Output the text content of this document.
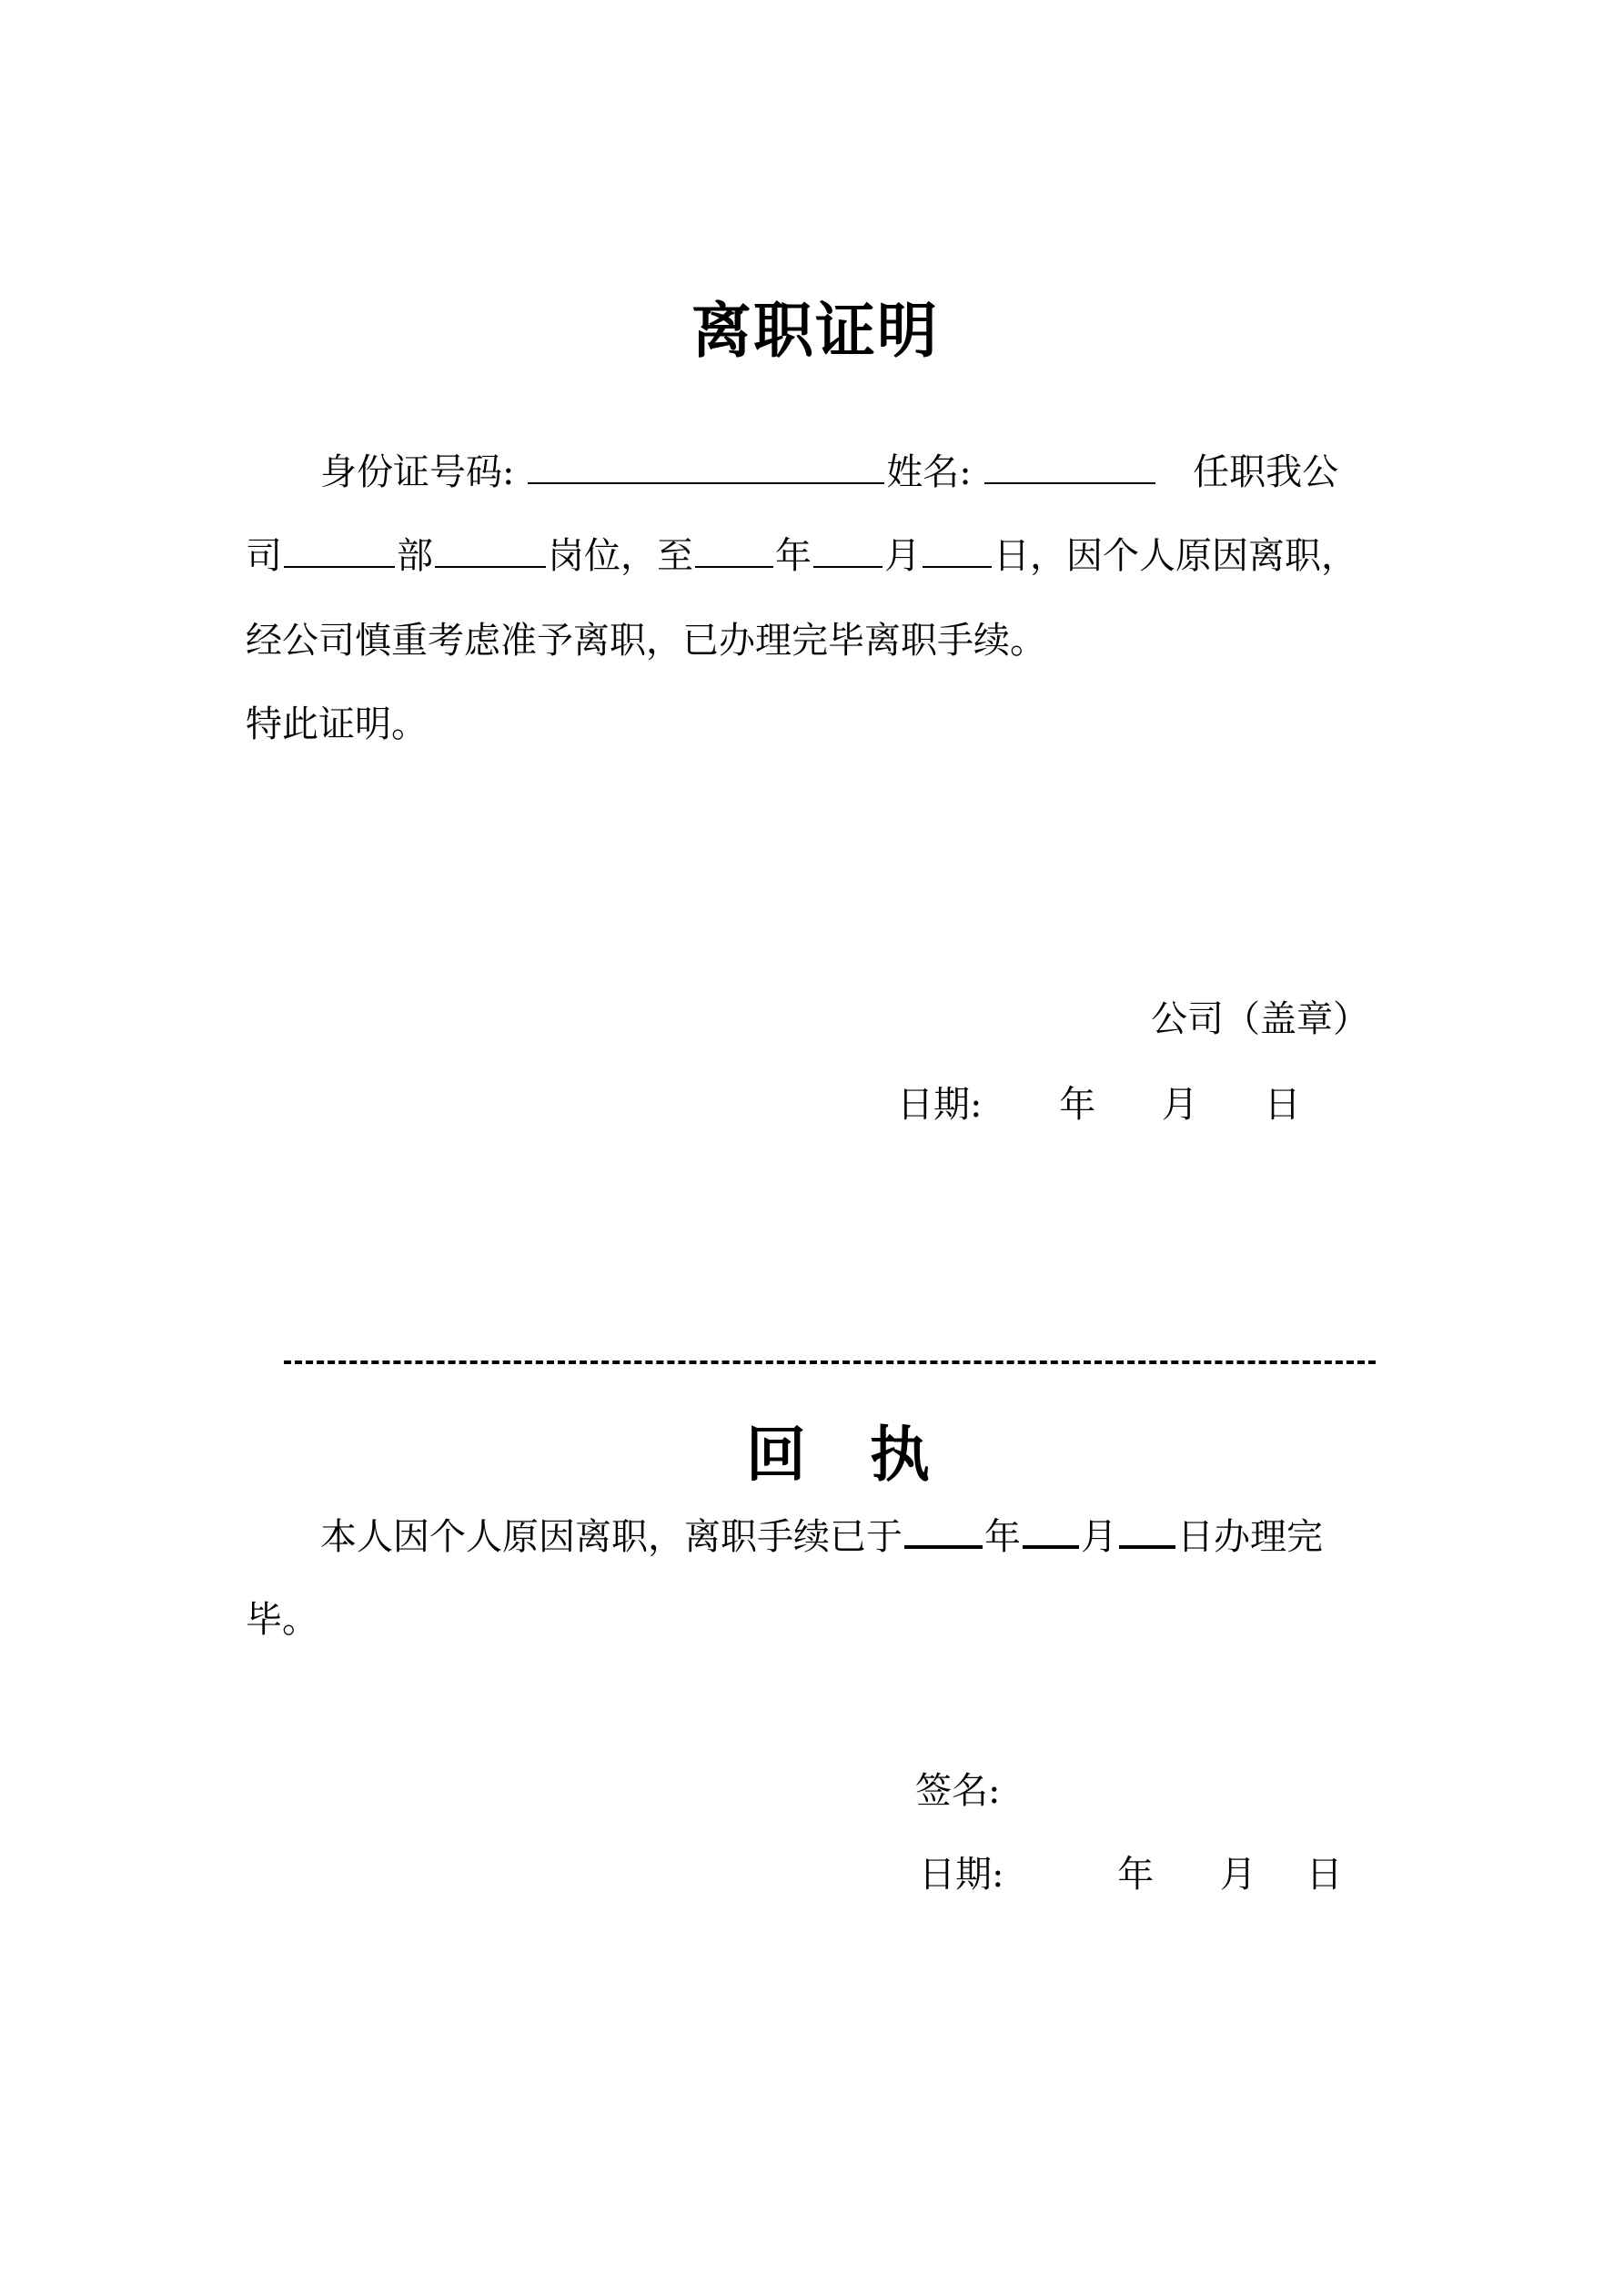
离职证明
身份证号码:	姓名:	任职我公
司	部	岗位，至 年 月 日，因个人原因离职，
经公司慎重考虑准予离职，已办理完毕离职手续。
特此证明。
公司（盖章）
日期: 年 月 日
回　执
本人因个人原因离职，离职手续已于 年 月 日办理完
毕。
签名:
日期:	年 月 日
